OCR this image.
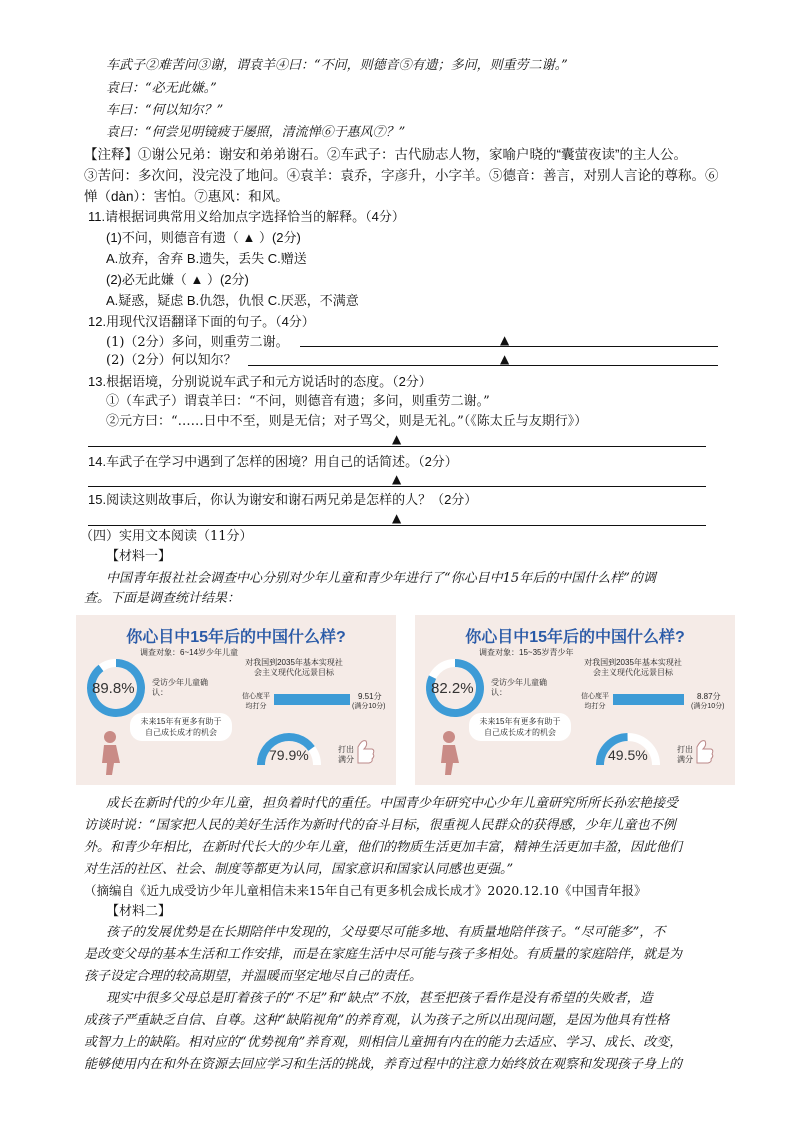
车武子②难苦问③谢，谓袁羊④曰：“不问，则德音⑤有遗；多问，则重劳二谢。”
袁曰：“必无此嫌。”
车曰：“何以知尔？”
袁曰：“何尝见明镜疲于屡照，清流惮⑥于惠风⑦？”
【注释】①谢公兄弟：谢安和弟弟谢石。②车武子：古代励志人物，家喻户晓的“囊萤夜读”的主人公。
③苦问：多次问，没完没了地问。④袁羊：袁乔，字彦升，小字羊。⑤德音：善言，对别人言论的尊称。⑥
惮（dàn）：害怕。⑦惠风：和风。
11.请根据词典常用义给加点字选择恰当的解释。（4分）
(1)不问，则德音有遗（ ▲ ）(2分)
A.放弃，舍弃 B.遗失，丢失 C.赠送
(2)必无此嫌（ ▲ ）(2分)
A.疑惑，疑虑 B.仇怨，仇恨 C.厌恶，不满意
12.用现代汉语翻译下面的句子。（4分）
(1)（2分）多问，则重劳二谢。	▲
(2)（2分）何以知尔？	▲
13.根据语境，分别说说车武子和元方说话时的态度。（2分）
①（车武子）谓袁羊曰：“不问，则德音有遗；多问，则重劳二谢。”
②元方曰：“……日中不至，则是无信；对子骂父，则是无礼。”（《陈太丘与友期行》）
▲
14.车武子在学习中遇到了怎样的困境？用自己的话简述。（2分）
▲
15.阅读这则故事后，你认为谢安和谢石两兄弟是怎样的人？（2分）
▲
（四）实用文本阅读（11分）
【材料一】
中国青年报社社会调查中心分别对少年儿童和青少年进行了“你心目中15年后的中国什么样”的调
查。下面是调查统计结果：
你心目中15年后的中国什么样?
调查对象：6~14岁少年儿童
89.8% 受访少年儿童确认：
未来15年有更多有助于自己成长成才的机会
对我国到2035年基本实现社会主义现代化远景目标
信心度平均打分
9.51分
(满分10分)
79.9%	打出满分
你心目中15年后的中国什么样?
调查对象：15~35岁青少年
82.2% 受访少年儿童确认：
未来15年有更多有助于自己成长成才的机会
对我国到2035年基本实现社会主义现代化远景目标
信心度平均打分
8.87分
(满分10分)
49.5%	打出满分
成长在新时代的少年儿童，担负着时代的重任。中国青少年研究中心少年儿童研究所所长孙宏艳接受
访谈时说：“国家把人民的美好生活作为新时代的奋斗目标，很重视人民群众的获得感，少年儿童也不例
外。和青少年相比，在新时代长大的少年儿童，他们的物质生活更加丰富，精神生活更加丰盈，因此他们
对生活的社区、社会、制度等都更为认同，国家意识和国家认同感也更强。”
（摘编自《近九成受访少年儿童相信未来15年自己有更多机会成长成才》2020.12.10《中国青年报》
【材料二】
孩子的发展优势是在长期陪伴中发现的，父母要尽可能多地、有质量地陪伴孩子。“尽可能多”，不
是改变父母的基本生活和工作安排，而是在家庭生活中尽可能与孩子多相处。有质量的家庭陪伴，就是为
孩子设定合理的较高期望，并温暖而坚定地尽自己的责任。
现实中很多父母总是盯着孩子的“不足”和“缺点”不放，甚至把孩子看作是没有希望的失败者，造
成孩子严重缺乏自信、自尊。这种“缺陷视角”的养育观，认为孩子之所以出现问题，是因为他具有性格
或智力上的缺陷。相对应的“优势视角”养育观，则相信儿童拥有内在的能力去适应、学习、成长、改变，
能够使用内在和外在资源去回应学习和生活的挑战，养育过程中的注意力始终放在观察和发现孩子身上的
